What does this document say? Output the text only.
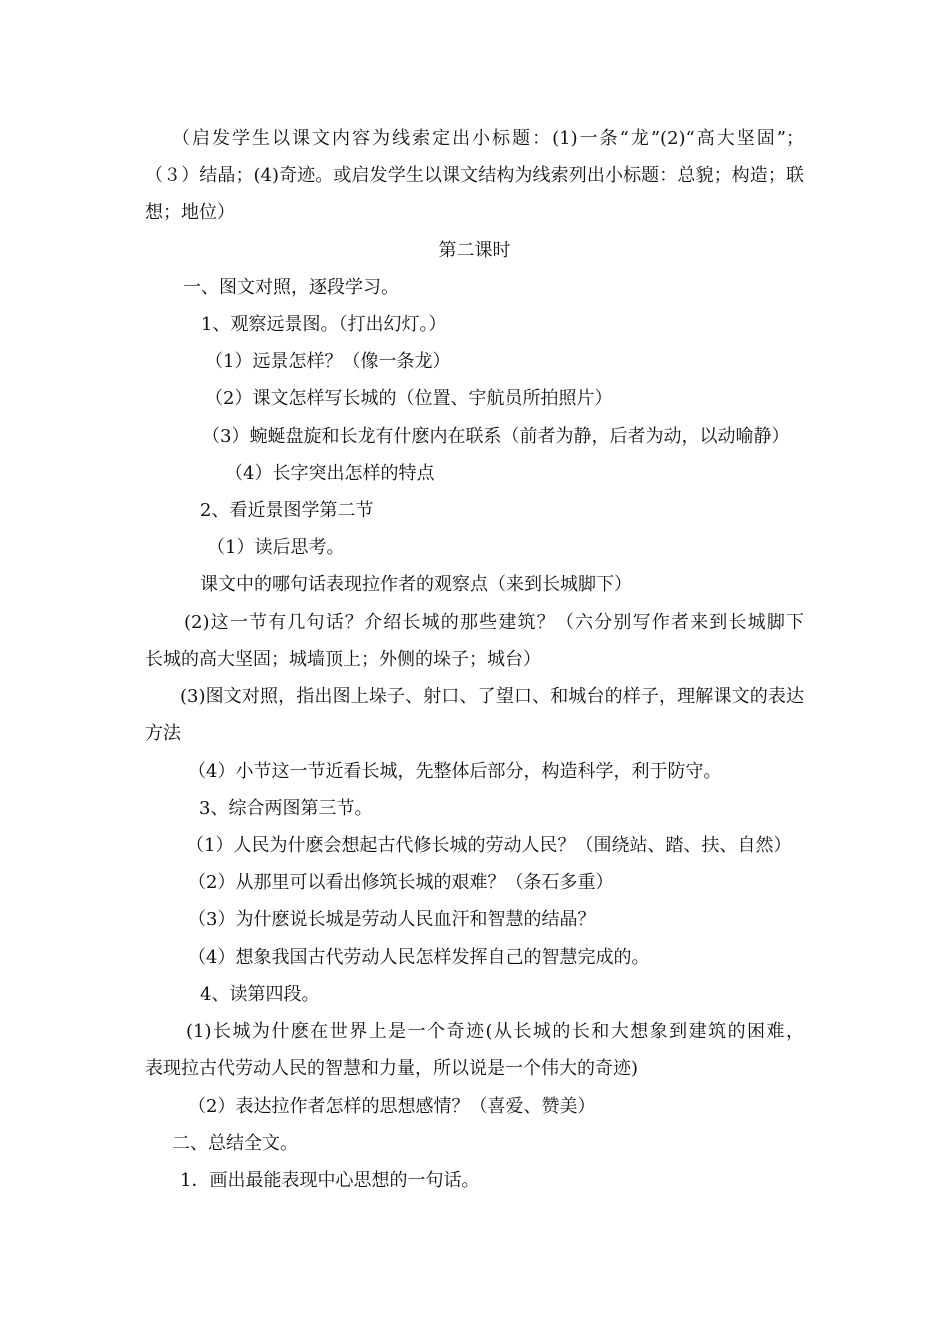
（启发学生以课文内容为线索定出小标题：(1)一条“龙”(2)“高大坚固”；
（３）结晶；(4)奇迹。或启发学生以课文结构为线索列出小标题：总貌；构造；联
想；地位）
第二课时
一、图文对照，逐段学习。
1、观察远景图。（打出幻灯。）
（1）远景怎样？（像一条龙）
（2）课文怎样写长城的（位置、宇航员所拍照片）
（3）蜿蜒盘旋和长龙有什麽内在联系（前者为静，后者为动，以动喻静）
（4）长字突出怎样的特点
2、看近景图学第二节
（1）读后思考。
课文中的哪句话表现拉作者的观察点（来到长城脚下）
(2)这一节有几句话？介绍长城的那些建筑？（六分别写作者来到长城脚下
长城的高大坚固；城墙顶上；外侧的垛子；城台）
(3)图文对照，指出图上垛子、射口、了望口、和城台的样子，理解课文的表达
方法
（4）小节这一节近看长城，先整体后部分，构造科学，利于防守。
3、综合两图第三节。
（1）人民为什麽会想起古代修长城的劳动人民？（围绕站、踏、扶、自然）
（2）从那里可以看出修筑长城的艰难？（条石多重）
（3）为什麽说长城是劳动人民血汗和智慧的结晶？
（4）想象我国古代劳动人民怎样发挥自己的智慧完成的。
4、读第四段。
(1)长城为什麽在世界上是一个奇迹(从长城的长和大想象到建筑的困难，
表现拉古代劳动人民的智慧和力量，所以说是一个伟大的奇迹)
（2）表达拉作者怎样的思想感情？（喜爱、赞美）
二、总结全文。
1．画出最能表现中心思想的一句话。
